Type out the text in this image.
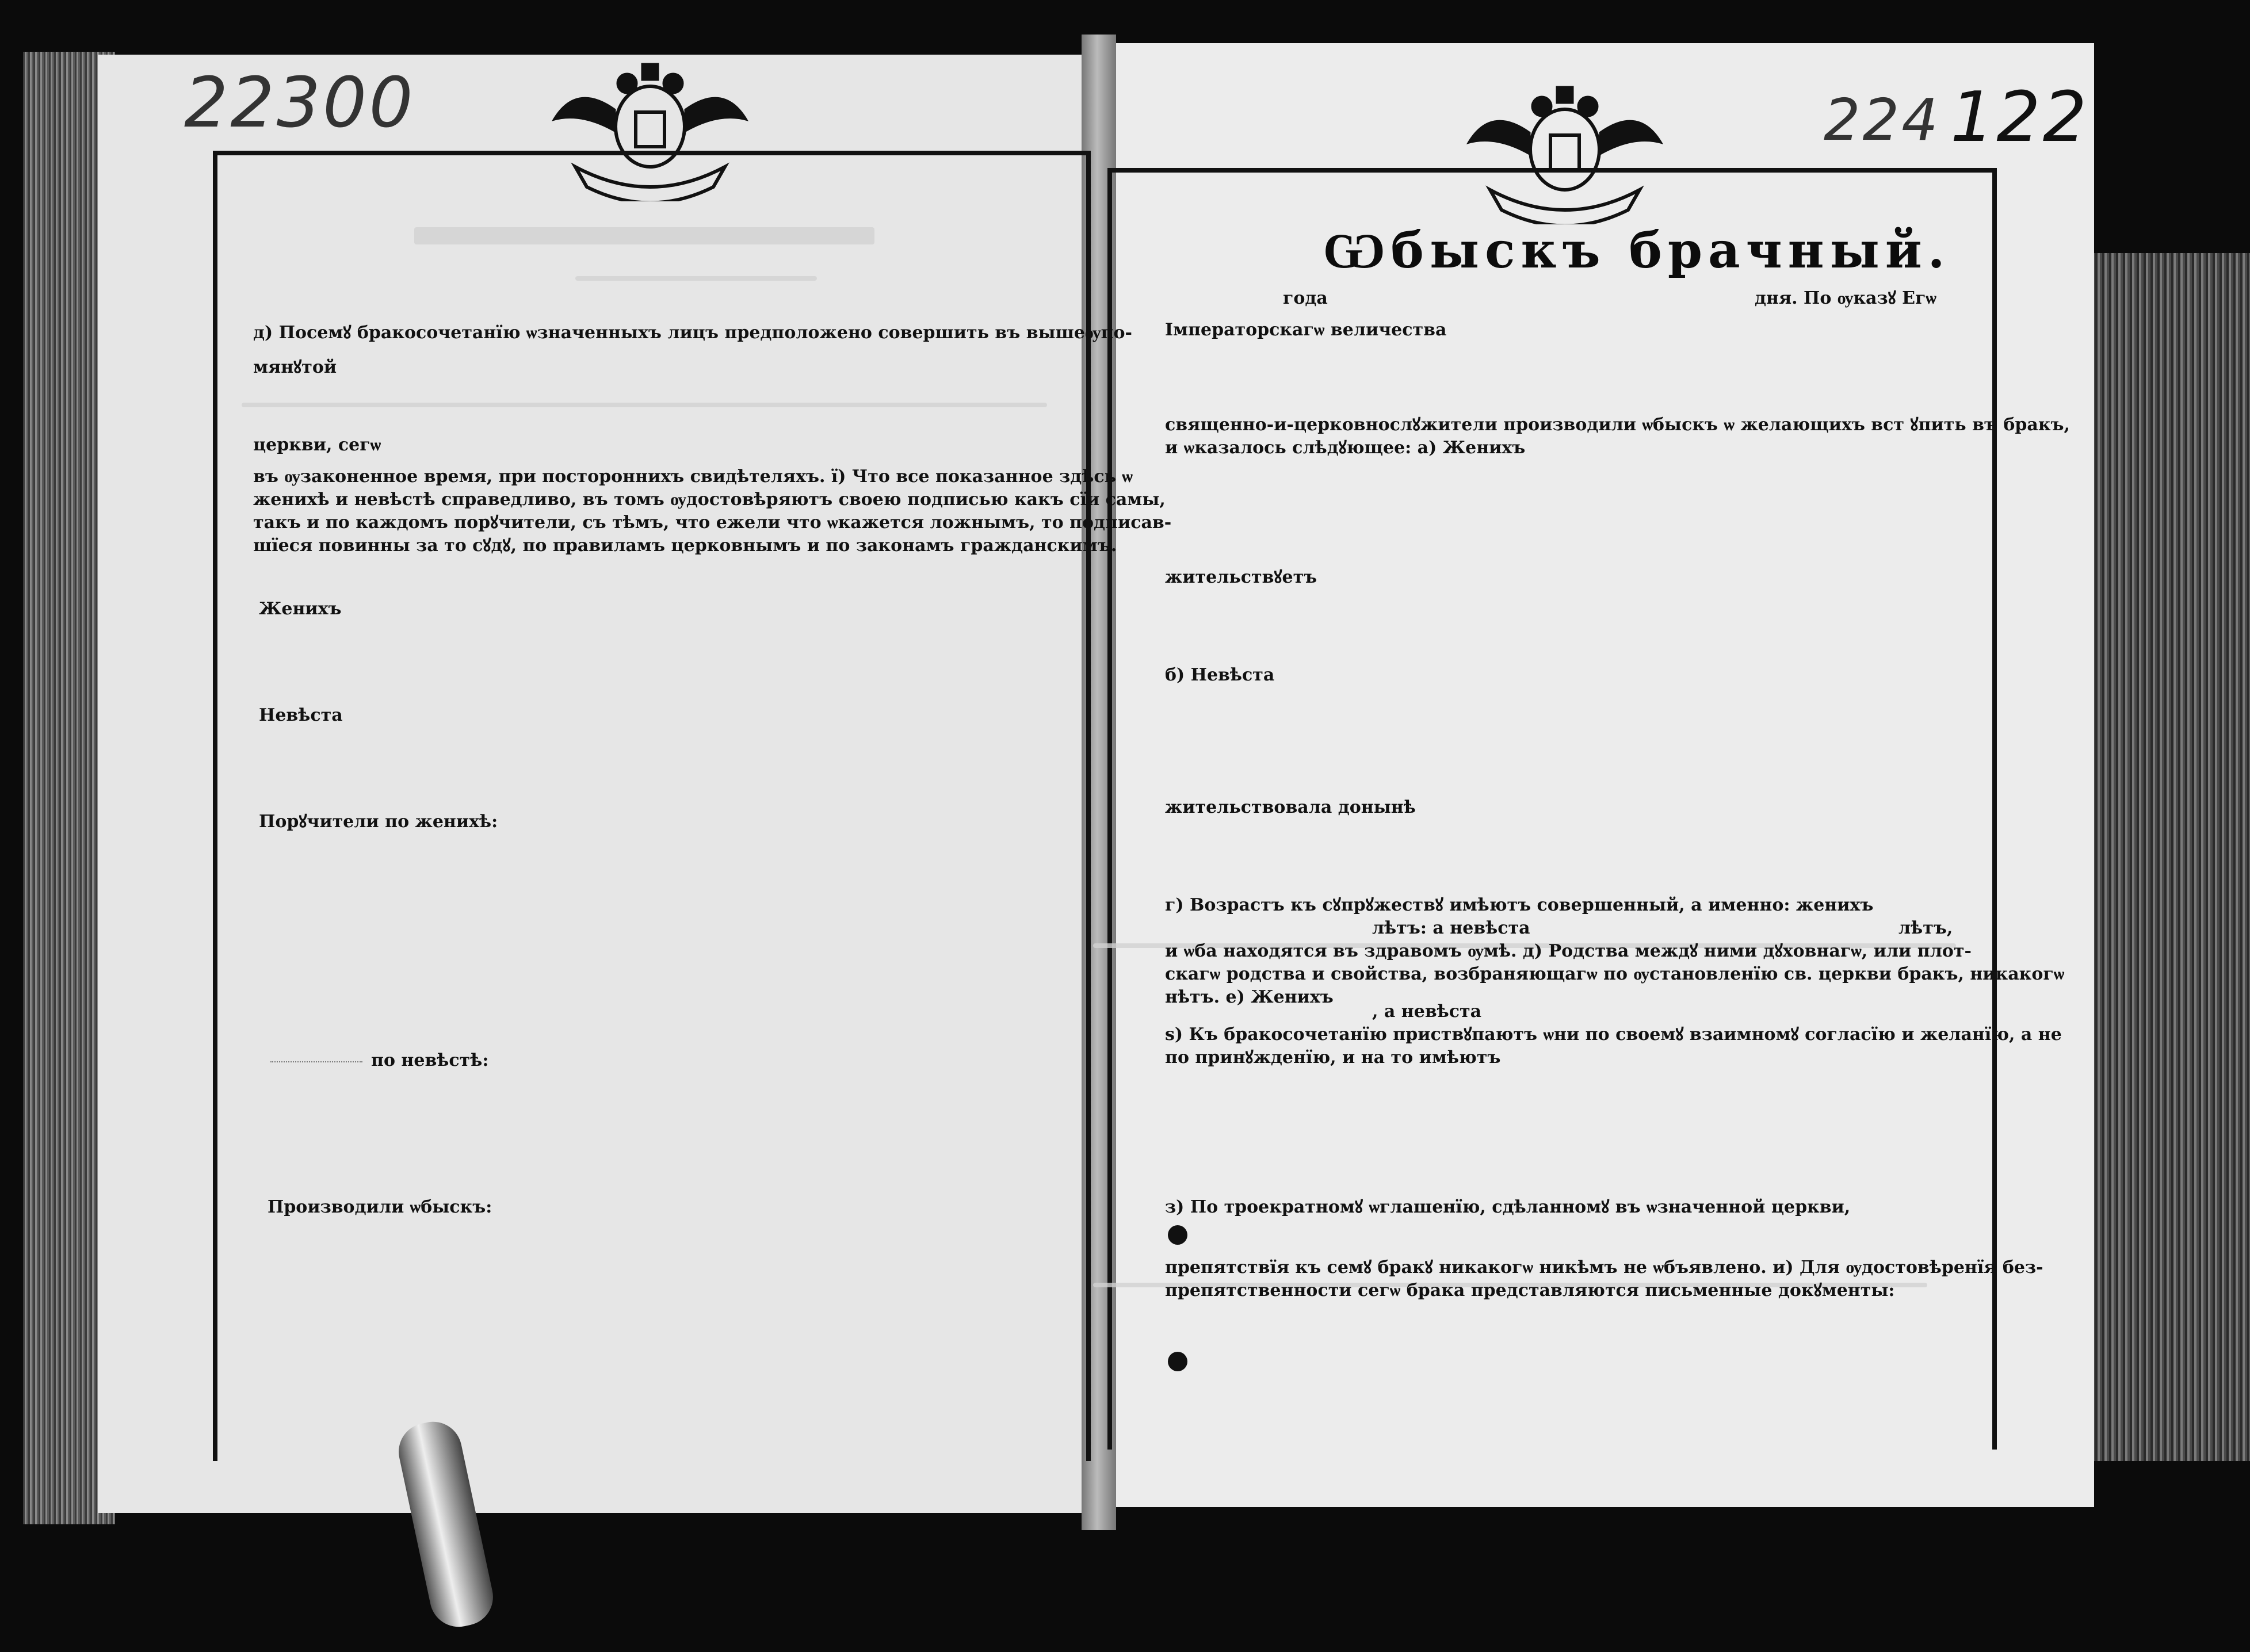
22300	224 122
д) Посемꙋ бракосочетанїю ѡзначенныхъ лицъ предположено совершить въ вышеѹпо-
мянꙋтой
церкви, сегѡ
въ ѹзаконенное время, при постороннихъ свидѣтеляхъ. ї) Что все показанное здѣсь ѡ
женихѣ и невѣстѣ справедливо, въ томъ ѹдостовѣряютъ своею подписью какъ сїи самы,
такъ и по каждомъ порꙋчители, съ тѣмъ, что ежели что ѡкажется ложнымъ, то подписав-
шїеся повинны за то сꙋдꙋ, по правиламъ церковнымъ и по законамъ гражданскимъ.
Женихъ
Невѣста
Порꙋчители по женихѣ:
по невѣстѣ:
Производили ѡбыскъ:
Ѡбыскъ брачный.
года	дня. По ѹказꙋ Егѡ
Імператорскагѡ величества
священно-и-церковнослꙋжители производили ѡбыскъ ѡ желающихъ вст ꙋпить въ бракъ,
и ѡказалось слѣдꙋющее: а) Женихъ
жительствꙋетъ
б) Невѣста
жительствовала донынѣ
г) Возрастъ къ сꙋпрꙋжествꙋ имѣютъ совершенный, а именно: женихъ
лѣтъ: а невѣста	лѣтъ,
и ѡба находятся въ здравомъ ѹмѣ. д) Родства междꙋ ними дꙋховнагѡ, или плот-
скагѡ родства и свойства, возбраняющагѡ по ѹстановленїю св. церкви бракъ, никакогѡ
нѣтъ. е) Женихъ
, а невѣста
ѕ) Къ бракосочетанїю приствꙋпаютъ ѡни по своемꙋ взаимномꙋ согласїю и желанїю, а не
по принꙋжденїю, и на то имѣютъ
з) По троекратномꙋ ѡглашенїю, сдѣланномꙋ въ ѡзначенной церкви,
препятствїя къ семꙋ бракꙋ никакогѡ никѣмъ не ѡбъявлено. и) Для ѹдостовѣренїя без-
препятственности сегѡ брака представляются письменные докꙋменты:
